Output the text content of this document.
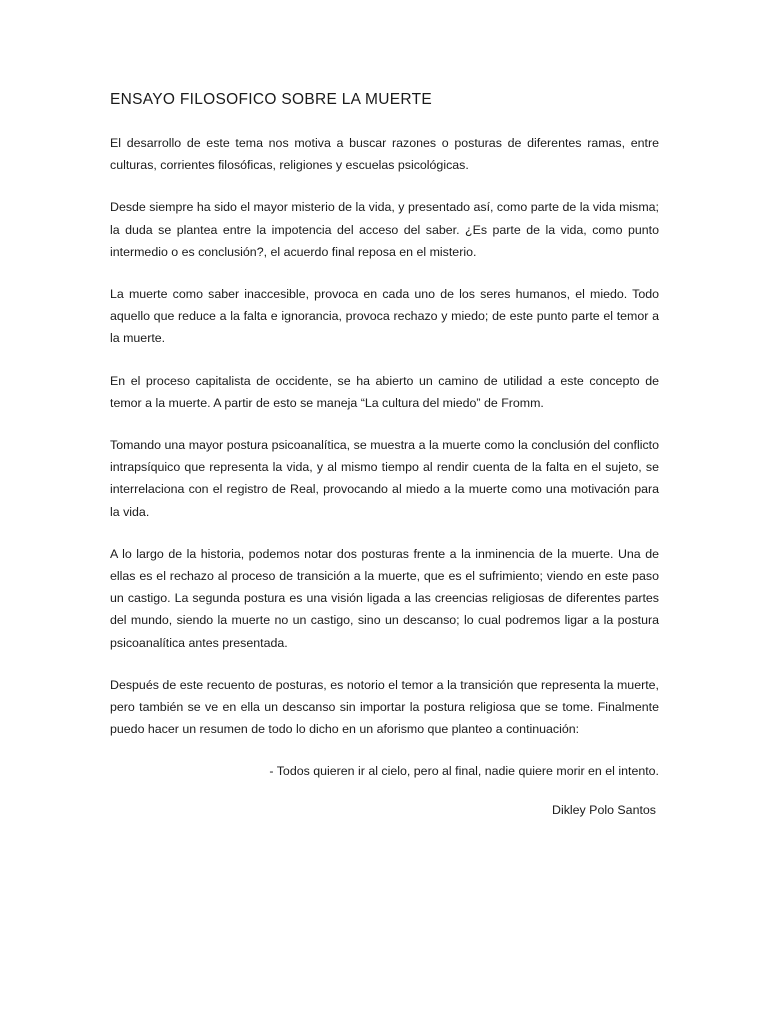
ENSAYO FILOSOFICO SOBRE LA MUERTE

El desarrollo de este tema nos motiva a buscar razones o posturas de diferentes ramas, entre culturas, corrientes filosóficas, religiones y escuelas psicológicas.

Desde siempre ha sido el mayor misterio de la vida, y presentado así, como parte de la vida misma; la duda se plantea entre la impotencia del acceso del saber. ¿Es parte de la vida, como punto intermedio o es conclusión?, el acuerdo final reposa en el misterio.

La muerte como saber inaccesible, provoca en cada uno de los seres humanos, el miedo. Todo aquello que reduce a la falta e ignorancia, provoca rechazo y miedo; de este punto parte el temor a la muerte.

En el proceso capitalista de occidente, se ha abierto un camino de utilidad a este concepto de temor a la muerte. A partir de esto se maneja “La cultura del miedo” de Fromm.

Tomando una mayor postura psicoanalítica, se muestra a la muerte como la conclusión del conflicto intrapsíquico que representa la vida, y al mismo tiempo al rendir cuenta de la falta en el sujeto, se interrelaciona con el registro de Real, provocando al miedo a la muerte como una motivación para la vida.

A lo largo de la historia, podemos notar dos posturas frente a la inminencia de la muerte. Una de ellas es el rechazo al proceso de transición a la muerte, que es el sufrimiento; viendo en este paso un castigo. La segunda postura es una visión ligada a las creencias religiosas de diferentes partes del mundo, siendo la muerte no un castigo, sino un descanso; lo cual podremos ligar a la postura psicoanalítica antes presentada.

Después de este recuento de posturas, es notorio el temor a la transición que representa la muerte, pero también se ve en ella un descanso sin importar la postura religiosa que se tome. Finalmente puedo hacer un resumen de todo lo dicho en un aforismo que planteo a continuación:

- Todos quieren ir al cielo, pero al final, nadie quiere morir en el intento.

Dikley Polo Santos
